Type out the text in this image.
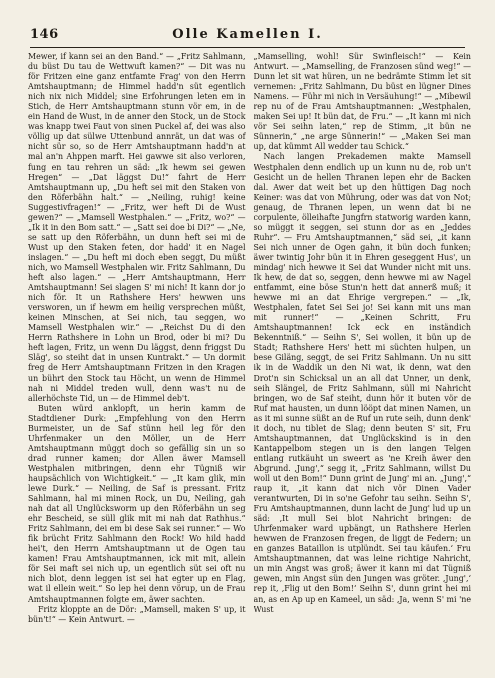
146	Olle Kamellen I.

Mewer, if kann sei an den Band.“ — „Fritz Sahlmann, du büst Du tau de Wettwuft kamen?“ — Dit was nu för Fritzen eine ganz entfamte Frag' von den Herrn Amtshauptmann; de Himmel hadd'n süt egentlich nich nix nich Middel; sine Erfohrungen leten em in Stich, de Herr Amtshauptmann stunn vör em, in de ein Hand de Wust, in de anner den Stock, un de Stock was knapp twei Faut von sinen Puckel af, dei was also völlig up dat sülwe Uttenbund annrät, un dat was of nicht sür so, so de Herr Amtshauptmann hadd'n at mal an'n Ahppen marft. Hei gawwe sit also verloren, fung en tau rehren un säd: „Ik hewm sei gewen Hregen“ — „Dat läggst Du!“ fahrt de Herr Amtshauptmann up, „Du heft sei mit den Staken von den Röferbähn halt.“ — „Neiling, ruhig! keine Suggestivfragen!“ — „Fritz, wer heft Di de Wust gewen?“ — „Mamsell Westphalen.“ — „Fritz, wo?“ — „Ik it in den Bom satt.“ — „Satt sei doe bi Di?“ — „Ne, se satt up den Röferbähn, un dunn heft sei mi de Wust up den Staken feten, dor hadd' it en Nagel inslagen.“ — „Du heft mi doch eben seggt, Du müßt nich, wo Mamsell Westphalen wir. Fritz Sahlmann, Du heft also lagen.“ — „Herr Amtshauptmann, Herr Amtshauptmann! Sei slagen S' mi nich! It kann dor jo nich för. It un Rathshere Hers' hewwen uns versworen, un if hewm em heilig versprechen müßt, keinen Minschen, at Sei nich, tau seggen, wo Mamsell Westphalen wir.“ — „Reichst Du di den Herrn Rathshere in Lohn un Brod, oder bi mi? Du heft lagen, Fritz, un wenn Du läggst, denn friggst Du Släg', so steiht dat in unsen Kuntrakt.“ — Un dormit freg de Herr Amtshauptmann Fritzen in den Kragen un bührt den Stock tau Höcht, un wenn de Himmel nah ni Middel treden wull, denn was't nu de allerhöchste Tid, un — de Himmel deb't.

Buten würd anklopft, un herin kamm de Stadtdiener Durk: „Empfehlung von den Herrn Burmeister, un de Saf stünn heil leg för den Uhrfenmaker un den Möller, un de Herr Amtshauptmann müggt doch so gefällig sin un so drad runner kamen; dor Allen äwer Mamsell Westphalen mitbringen, denn ehr Tügniß wir haupsächlich von Wichtigkeit.“ — „It kam glik, min lewe Durk.“ — Neiling, de Saf is pressant. Fritz Sahlmann, hal mi minen Rock, un Du, Neiling, gah nah dat all Unglücksworm up den Röferbähn un seg ehr Bescheid, se süll glik mit mi nah dat Rathhus.“ Fritz Sahlmann, dei em bi dese Sak sei runner.“ — Wo fik brücht Fritz Sahlmann den Rock! Wo hild hadd hei't, den Herrn Amtshauptmann ut de Ogen tau kamen! Frau Amtshauptmannen, ick mit mit, allein för Sei maft sei nich up, un egentlich süt sei oft nu nich blot, denn leggen ist sei hat egter up en Flag, wat il ellein weit.“ So lep hei denn vörup, un de Frau Amtshauptmannen folgte em, äwer sachten.

Fritz kloppte an de Dör: „Mamsell, maken S' up, it bün't!“ — Kein Antwurt. —

„Mamselling, wohl! Sür Swinfleisch!“ — Kein Antwurt. — „Mamselling, de Franzosen sünd weg!“ — Dunn let sit wat hüren, un ne bedrämte Stimm let sit vernemen: „Fritz Sahlmann, Du büst en lügner Dines Namens. — Führ mi nich in Versäuhung!“ — „Mibewil rep nu of de Frau Amtshauptmannen: „Westphalen, maken Sei up! It bün dat, de Fru.“ — „It kann mi nich vör Sei seihn laten,“ rep de Stimm, „it bün ne Sünnerin,“ „ne arge Sünnerin!“ — „Maken Sei man up, dat kümmt All wedder tau Schick.“

Nach langen Prekademen makte Mamsell Westphalen denn endlich up un kunn nu de, rob un't Gesicht un de hellen Thranen lepen ehr de Backen dal. Awer dat weit bet up den hüttigen Dag noch Keiner: was dat von Mührung, oder was dat von Not; genaug, de Thranen lepen, un wenn dat bi ne corpulente, ölleihafte Jungfrn statworig warden kann, so müggt it seggen, sei stunn dor as en „Jeddes Ruhr“. — Fru Amtshauptmannen,“ säd sei, „it kann Sei nich unner de Ogen gahn, it bün doch funken; äwer twintig Johr bün it in Ehren geseggent Hus', un mindag' nich hewwe it Sei dat Wunder nicht mit uns. Ik hew, de dat so, seggen, denn hewwe mi aw Nagel entfammt, eine böse Stun'n hett dat annerß muß; it hewwe mi an dat Ehrige vergrepen.“ — „Ik, Westphalen, fatet Sei Sei jo! Sei kann mit uns man mit runner!“ — „Keinen Schritt, Fru Amtshauptmannen! Ick eck en inständich Bekenntniß.“ — Seihn S', Sei wollen, it bün up de Stadt; Rathshere Hers' hett mi süchten hulpen, un bese Giläng, seggt, de sei Fritz Sahlmann. Un nu sitt ik in de Waddik un den Ni wat, ik denn, wat den Drot'n sin Schicksal un an all dat Unner, un denk, seih Slängel, de Fritz Sahlmann, süll mi Nahricht bringen, wo de Saf steiht, dunn hör it buten vör de Ruf mat hausten, un dunn lööpt dat minen Namen, un as it mi sunne süßt an de Ruf un rute seih, dunn denk' it doch, nu tiblet de Slag; denn beuten S' sit, Fru Amtshauptmannen, dat Unglückskind is in den Kantappelbom stegen un is den langen Telgen entlang rutkäuht un sweert as 'ne Kreih äwer den Abgrund. ‚Jung',“ segg it, „Fritz Sahlmann, willst Du woll ut den Bom!“ Dunn grint de Jung' mi an. „Jung',“ raup it, „it kann dat nich vör Dinen Vader verantwurten, Di in so'ne Gefohr tau seihn. Seihn S', Fru Amtshauptmannen, dunn lacht de Jung' lud up un säd: ‚It mull Sei blot Nahricht bringen: de Uhrfenmaker ward upbängt, un Rathshere Herlen hewwen de Franzosen fregen, de liggt de Federn; un en ganzes Bataillon is utplündt. Sei tau käufen.‘ Fru Amtshauptmannen, dat was leine richtige Nahricht, un min Angst was groß; äwer it kann mi dat Tügniß gewen, min Angst sün den Jungen was gröter. ‚Jung',‘ rep it, ‚Flig ut den Bom!‘ Seihn S', dunn grint hei mi an, as en Ap up en Kameel, un säd: ‚Ja, wenn S' mi 'ne Wust
